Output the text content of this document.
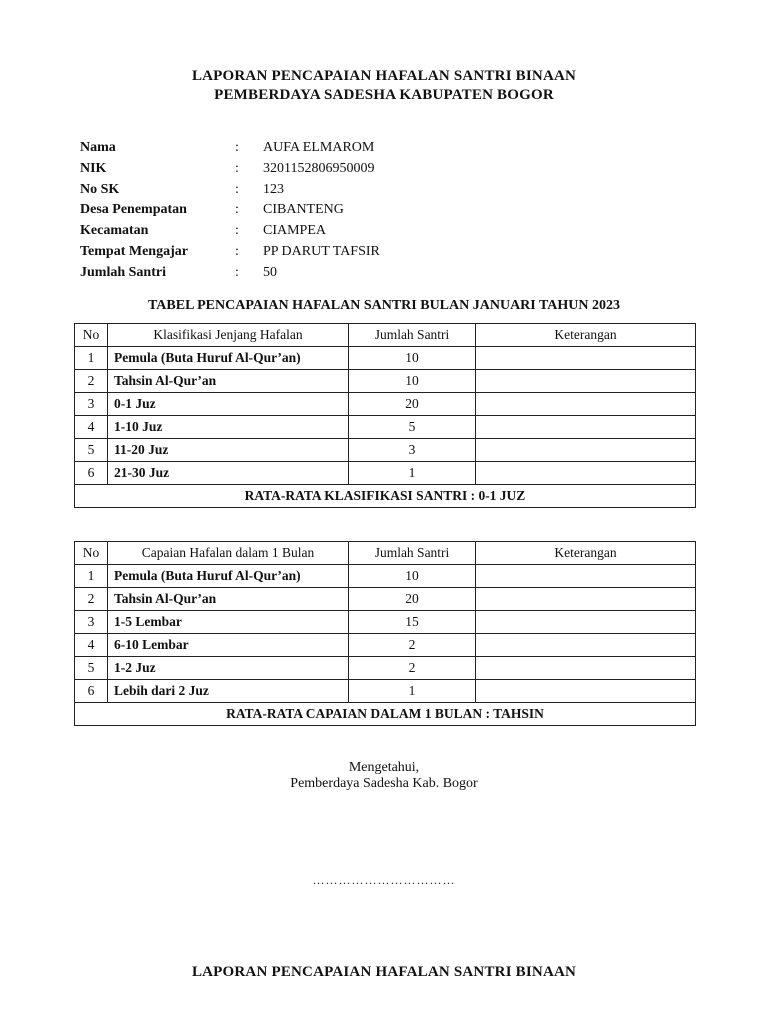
LAPORAN PENCAPAIAN HAFALAN SANTRI BINAAN
PEMBERDAYA SADESHA KABUPATEN BOGOR
Nama	: AUFA ELMAROM
NIK	: 3201152806950009
No SK	: 123
Desa Penempatan	: CIBANTENG
Kecamatan	: CIAMPEA
Tempat Mengajar	: PP DARUT TAFSIR
Jumlah Santri	: 50
TABEL PENCAPAIAN HAFALAN SANTRI BULAN JANUARI TAHUN 2023
No	Klasifikasi Jenjang Hafalan	Jumlah Santri	Keterangan
1	Pemula (Buta Huruf Al-Qur’an)	10	
2	Tahsin Al-Qur’an	10	
3	0-1 Juz	20	
4	1-10 Juz	5	
5	11-20 Juz	3	
6	21-30 Juz	1	
RATA-RATA KLASIFIKASI SANTRI : 0-1 JUZ			
No	Capaian Hafalan dalam 1 Bulan	Jumlah Santri	Keterangan
1	Pemula (Buta Huruf Al-Qur’an)	10	
2	Tahsin Al-Qur’an	20	
3	1-5 Lembar	15	
4	6-10 Lembar	2	
5	1-2 Juz	2	
6	Lebih dari 2 Juz	1	
RATA-RATA CAPAIAN DALAM 1 BULAN : TAHSIN			
Mengetahui,
Pemberdaya Sadesha Kab. Bogor
……………………………
LAPORAN PENCAPAIAN HAFALAN SANTRI BINAAN
